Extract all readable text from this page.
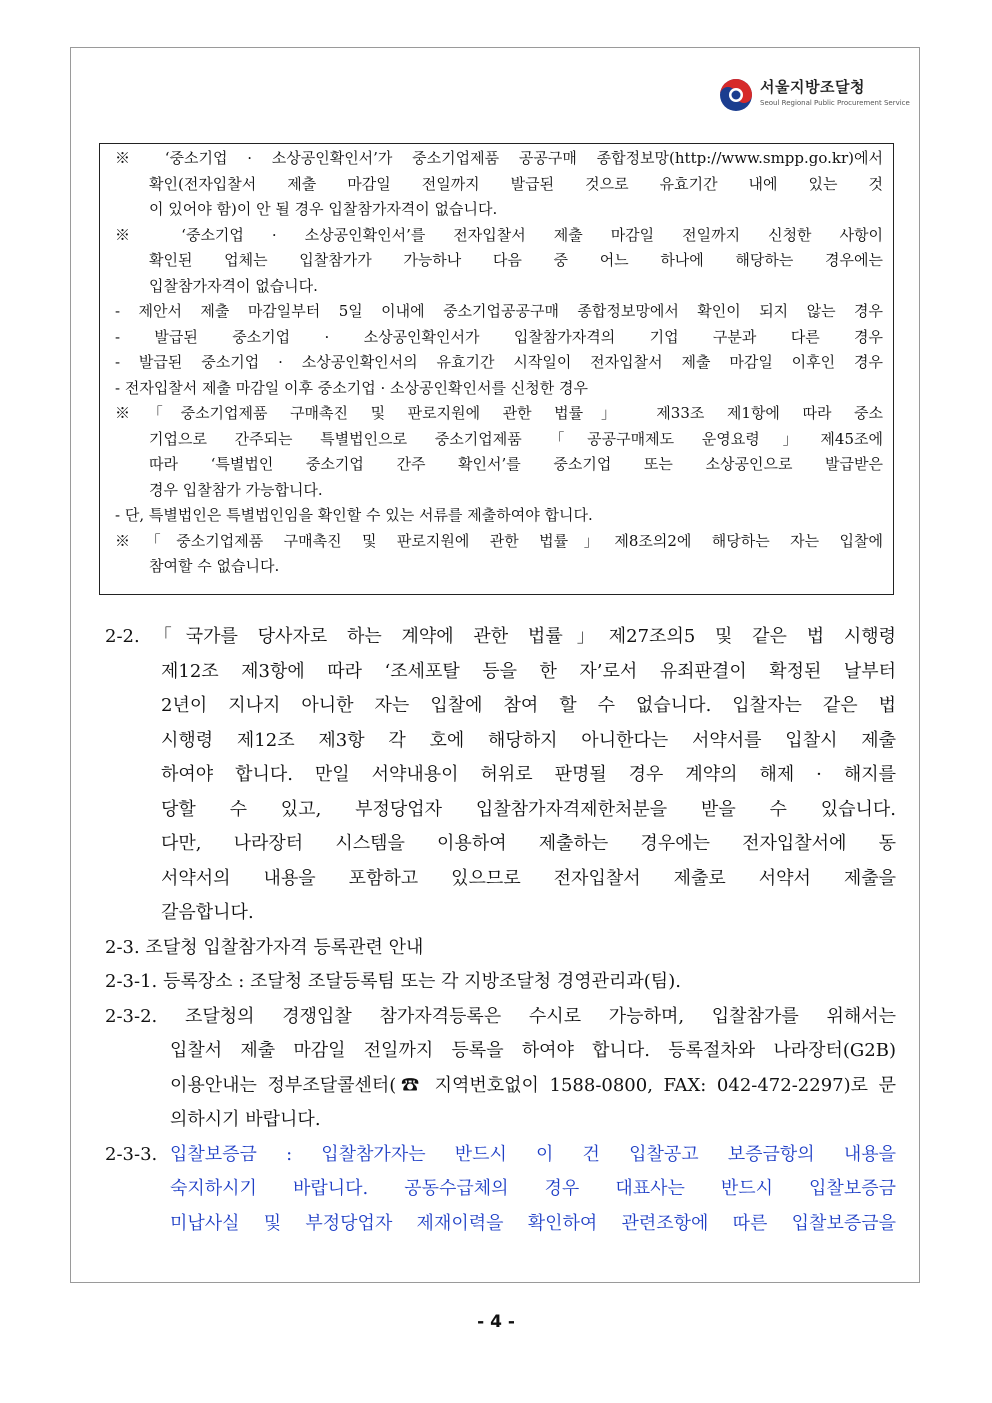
서울지방조달청
Seoul Regional Public Procurement Service
※ ‘중소기업 · 소상공인확인서’가 중소기업제품 공공구매 종합정보망(http://www.smpp.go.kr)에서
확인(전자입찰서 제출 마감일 전일까지 발급된 것으로 유효기간 내에 있는 것
이 있어야 함)이 안 될 경우 입찰참가자격이 없습니다.
※ ‘중소기업 · 소상공인확인서’를 전자입찰서 제출 마감일 전일까지 신청한 사항이
확인된 업체는 입찰참가가 가능하나 다음 중 어느 하나에 해당하는 경우에는
입찰참가자격이 없습니다.
- 제안서 제출 마감일부터 5일 이내에 중소기업공공구매 종합정보망에서 확인이 되지 않는 경우
- 발급된 중소기업 · 소상공인확인서가 입찰참가자격의 기업 구분과 다른 경우
- 발급된 중소기업 · 소상공인확인서의 유효기간 시작일이 전자입찰서 제출 마감일 이후인 경우
- 전자입찰서 제출 마감일 이후 중소기업 · 소상공인확인서를 신청한 경우
※「중소기업제품 구매촉진 및 판로지원에 관한 법률」 제33조 제1항에 따라 중소
기업으로 간주되는 특별법인으로 중소기업제품 「공공구매제도 운영요령」제45조에
따라 ‘특별법인 중소기업 간주 확인서’를 중소기업 또는 소상공인으로 발급받은
경우 입찰참가 가능합니다.
- 단, 특별법인은 특별법인임을 확인할 수 있는 서류를 제출하여야 합니다.
※「중소기업제품 구매촉진 및 판로지원에 관한 법률」제8조의2에 해당하는 자는 입찰에
참여할 수 없습니다.
2-2.「국가를 당사자로 하는 계약에 관한 법률」제27조의5 및 같은 법 시행령
제12조 제3항에 따라 ‘조세포탈 등을 한 자’로서 유죄판결이 확정된 날부터
2년이 지나지 아니한 자는 입찰에 참여 할 수 없습니다. 입찰자는 같은 법
시행령 제12조 제3항 각 호에 해당하지 아니한다는 서약서를 입찰시 제출
하여야 합니다. 만일 서약내용이 허위로 판명될 경우 계약의 해제 · 해지를
당할 수 있고, 부정당업자 입찰참가자격제한처분을 받을 수 있습니다.
다만, 나라장터 시스템을 이용하여 제출하는 경우에는 전자입찰서에 동
서약서의 내용을 포함하고 있으므로 전자입찰서 제출로 서약서 제출을
갈음합니다.
2-3. 조달청 입찰참가자격 등록관련 안내
2-3-1. 등록장소 : 조달청 조달등록팀 또는 각 지방조달청 경영관리과(팀).
2-3-2. 조달청의 경쟁입찰 참가자격등록은 수시로 가능하며, 입찰참가를 위해서는
입찰서 제출 마감일 전일까지 등록을 하여야 합니다. 등록절차와 나라장터(G2B)
이용안내는 정부조달콜센터(☎ 지역번호없이 1588-0800, FAX: 042-472-2297)로 문
의하시기 바랍니다.
2-3-3. 입찰보증금 : 입찰참가자는 반드시 이 건 입찰공고 보증금항의 내용을
숙지하시기 바랍니다. 공동수급체의 경우 대표사는 반드시 입찰보증금
미납사실 및 부정당업자 제재이력을 확인하여 관련조항에 따른 입찰보증금을
- 4 -
